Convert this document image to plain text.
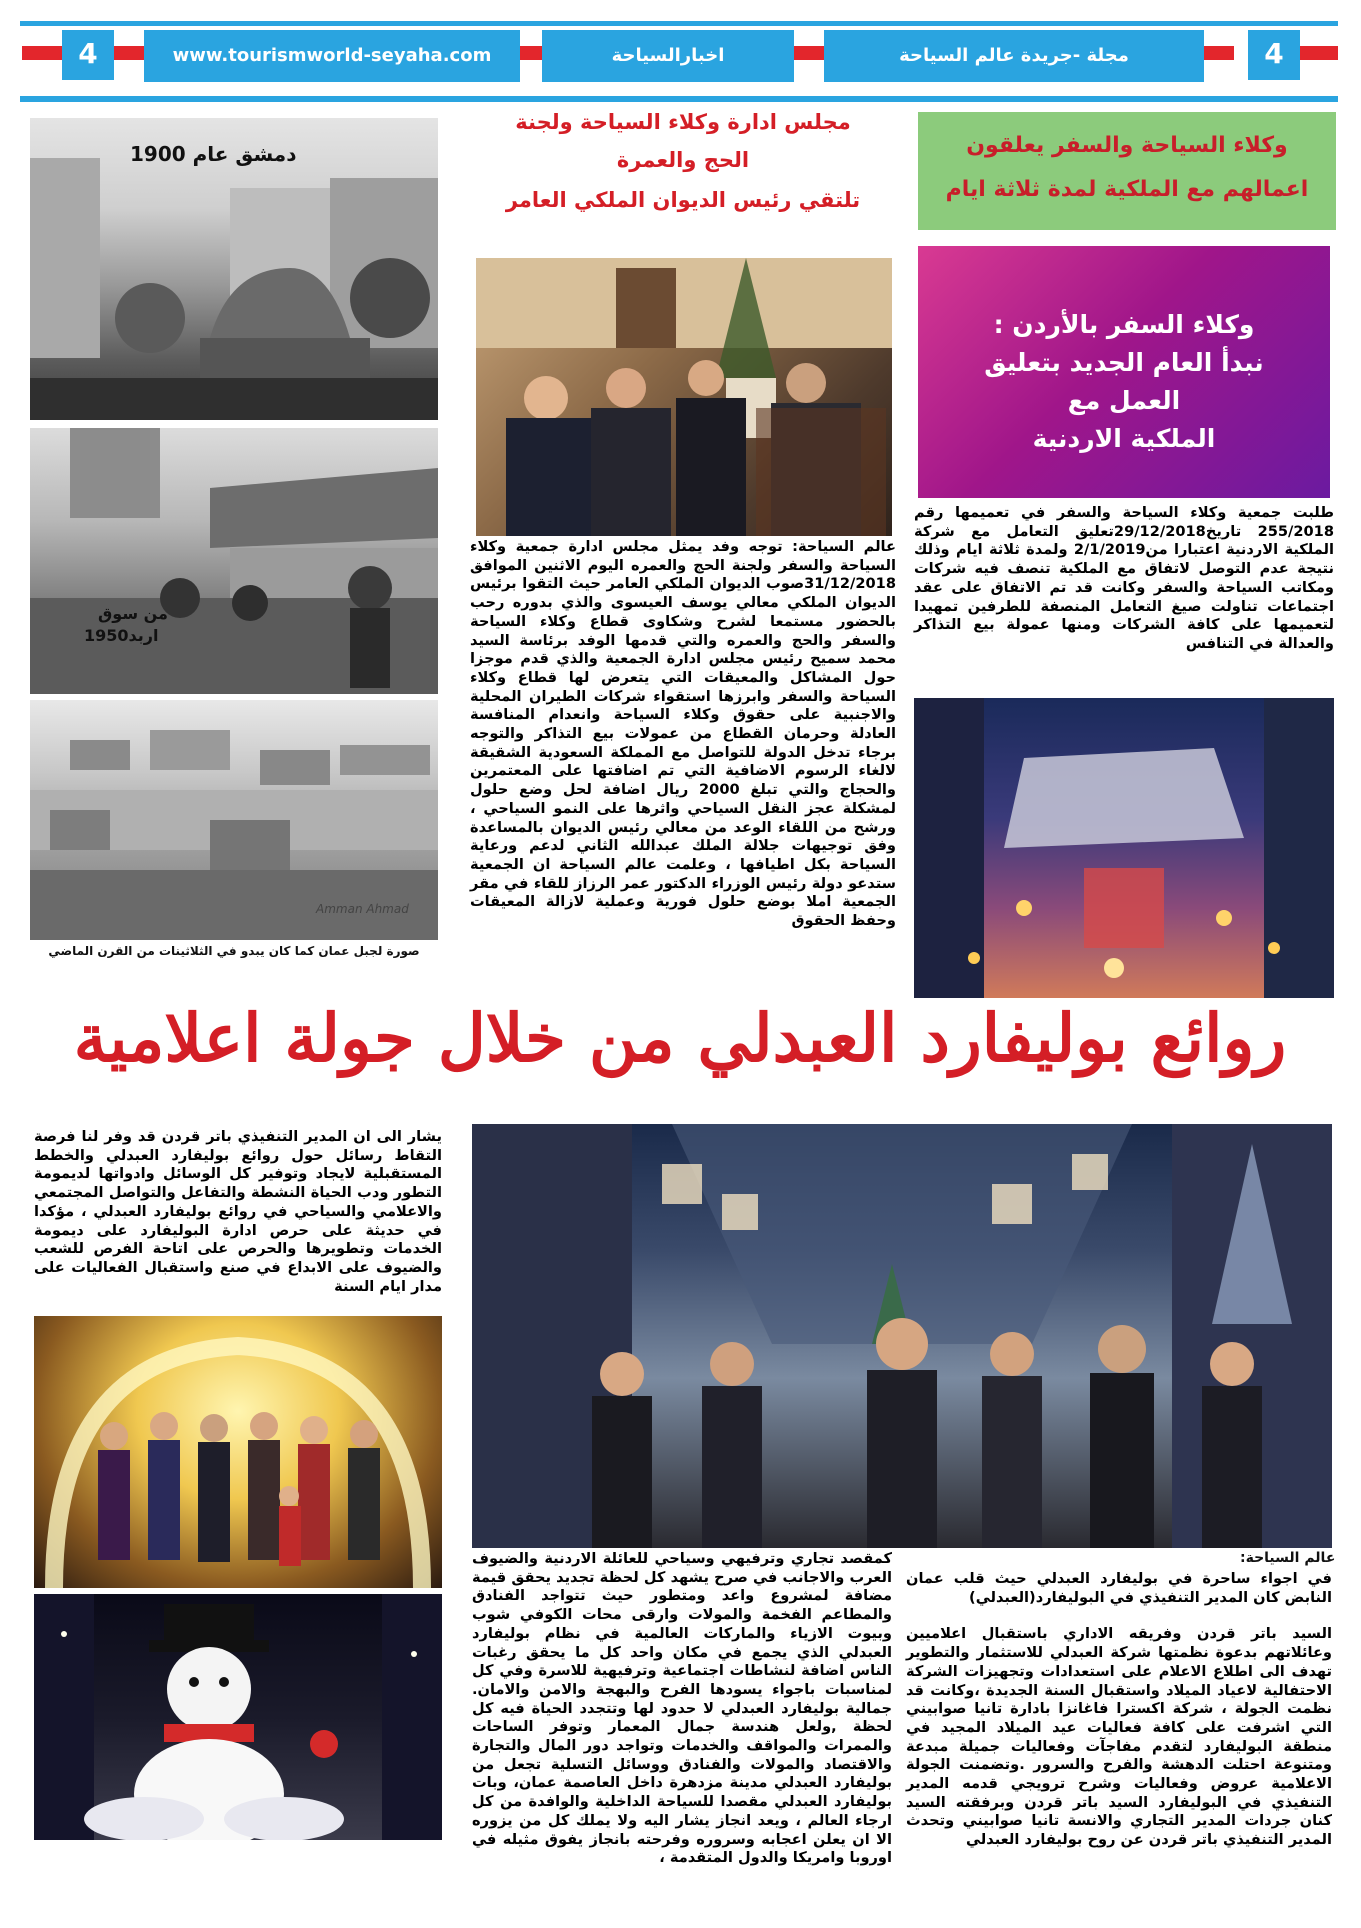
4	www.tourismworld-seyaha.com	اخبارالسياحة	مجلة -جريدة عالم السياحة	4
دمشق عام 1900
من سوق
اربد1950
Amman Ahmad
صورة لجبل عمان كما كان يبدو في الثلاثينات من القرن الماضي
مجلس ادارة وكلاء السياحة ولجنة
الحج والعمرة
تلتقي رئيس الديوان الملكي العامر
عالم السياحة: توجه وفد يمثل مجلس ادارة جمعية وكلاء السياحة والسفر ولجنة الحج والعمره اليوم الاثنين الموافق 31/12/2018صوب الديوان الملكي العامر حيث التقوا برئيس الديوان الملكي معالي يوسف العيسوى والذي بدوره رحب بالحضور مستمعا لشرح وشكاوى قطاع وكلاء السياحة والسفر والحج والعمره والتي قدمها الوفد برئاسة السيد محمد سميح رئيس مجلس ادارة الجمعية والذي قدم موجزا حول المشاكل والمعيقات التي يتعرض لها قطاع وكلاء السياحة والسفر وابرزها استقواء شركات الطيران المحلية والاجنبية على حقوق وكلاء السياحة وانعدام المنافسة العادلة وحرمان القطاع من عمولات بيع التذاكر والتوجه برجاء تدخل الدولة للتواصل مع المملكة السعودية الشقيقة لالغاء الرسوم الاضافية التي تم اضافتها على المعتمرين والحجاج والتي تبلغ 2000 ريال اضافة لحل وضع حلول لمشكلة عجز النقل السياحي واثرها على النمو السياحي ، ورشح من اللقاء الوعد من معالي رئيس الديوان بالمساعدة وفق توجيهات جلالة الملك عبدالله الثاني لدعم ورعاية السياحة بكل اطيافها ، وعلمت عالم السياحة ان الجمعية ستدعو دولة رئيس الوزراء الدكتور عمر الرزاز للقاء في مقر الجمعية املا بوضع حلول فورية وعملية لازالة المعيقات وحفظ الحقوق
وكلاء السياحة والسفر يعلقون اعمالهم مع الملكية لمدة ثلاثة ايام
وكلاء السفر بالأردن :
نبدأ العام الجديد بتعليق
العمل مع
الملكية الاردنية
طلبت جمعية وكلاء السياحة والسفر في تعميمها رقم 255/2018 تاريخ29/12/2018تعليق التعامل مع شركة الملكية الاردنية اعتبارا من2/1/2019 ولمدة ثلاثة ايام وذلك نتيجة عدم التوصل لاتفاق مع الملكية تنصف فيه شركات ومكاتب السياحة والسفر وكانت قد تم الاتفاق على عقد اجتماعات تناولت صيغ التعامل المنصفة للطرفين تمهيدا لتعميمها على كافة الشركات ومنها عمولة بيع التذاكر والعدالة في التنافس
روائع بوليفارد العبدلي من خلال جولة اعلامية
يشار الى ان المدير التنفيذي باتر قردن قد وفر لنا فرصة التقاط رسائل حول روائع بوليفارد العبدلي والخطط المستقبلية لايجاد وتوفير كل الوسائل وادواتها لديمومة التطور ودب الحياة النشطة والتفاعل والتواصل المجتمعي والاعلامي والسياحي في روائع بوليفارد العبدلي ، مؤكدا في حديثة على حرص ادارة البوليفارد على ديمومة الخدمات وتطويرها والحرص على اتاحة الفرص للشعب والضيوف على الابداع في صنع واستقبال الفعاليات على مدار ايام السنة
عالم السياحة:
كمقصد تجاري وترفيهي وسياحي للعائلة الاردنية والضيوف العرب والاجانب في صرح يشهد كل لحظة تجديد يحقق قيمة مضافة لمشروع واعد ومتطور حيث تتواجد الفنادق والمطاعم الفخمة والمولات وارقى محات الكوفي شوب وبيوت الازياء والماركات العالمية في نظام بوليفارد العبدلي الذي يجمع في مكان واحد كل ما يحقق رغبات الناس اضافة لنشاطات اجتماعية وترفيهية للاسرة وفي كل لمناسبات باجواء يسودها الفرح والبهجة والامن والامان. جمالية بوليفارد العبدلي لا حدود لها وتتجدد الحياة فيه كل لحظة ,ولعل هندسة جمال المعمار وتوفر الساحات والممرات والمواقف والخدمات وتواجد دور المال والتجارة والاقتصاد والمولات والفنادق ووسائل التسلية تجعل من بوليفارد العبدلي مدينة مزدهرة داخل العاصمة عمان، وبات بوليفارد العبدلي مقصدا للسياحة الداخلية والوافدة من كل ارجاء العالم ، ويعد انجاز يشار اليه ولا يملك كل من يزوره الا ان يعلن اعجابه وسروره وفرحته بانجاز يفوق مثيله في اوروبا وامريكا والدول المتقدمة ،

في اجواء ساحرة في بوليفارد العبدلي حيث قلب عمان النابض كان المدير التنفيذي في البوليفارد(العبدلي)

السيد باتر قردن وفريقه الاداري باستقبال اعلاميين وعائلاتهم بدعوة نظمتها شركة العبدلي للاستثمار والتطوير تهدف الى اطلاع الاعلام على استعدادات وتجهيزات الشركة الاحتفالية لاعياد الميلاد واستقبال السنة الجديدة ،وكانت قد نظمت الجولة ، شركة اكسترا فاغانزا بادارة تانيا صوابيني التي اشرفت على كافة فعاليات عيد الميلاد المجيد في منطقة البوليفارد لتقدم مفاجآت وفعاليات جميلة مبدعة ومتنوعة احتلت الدهشة والفرح والسرور .وتضمنت الجولة الاعلامية عروض وفعاليات وشرح ترويجي قدمه المدير التنفيذي في البوليفارد السيد باتر قردن وبرفقته السيد كنان جردات المدير التجاري والانسة تانيا صوابيني وتحدث المدير التنفيذي باتر قردن عن روح بوليفارد العبدلي
